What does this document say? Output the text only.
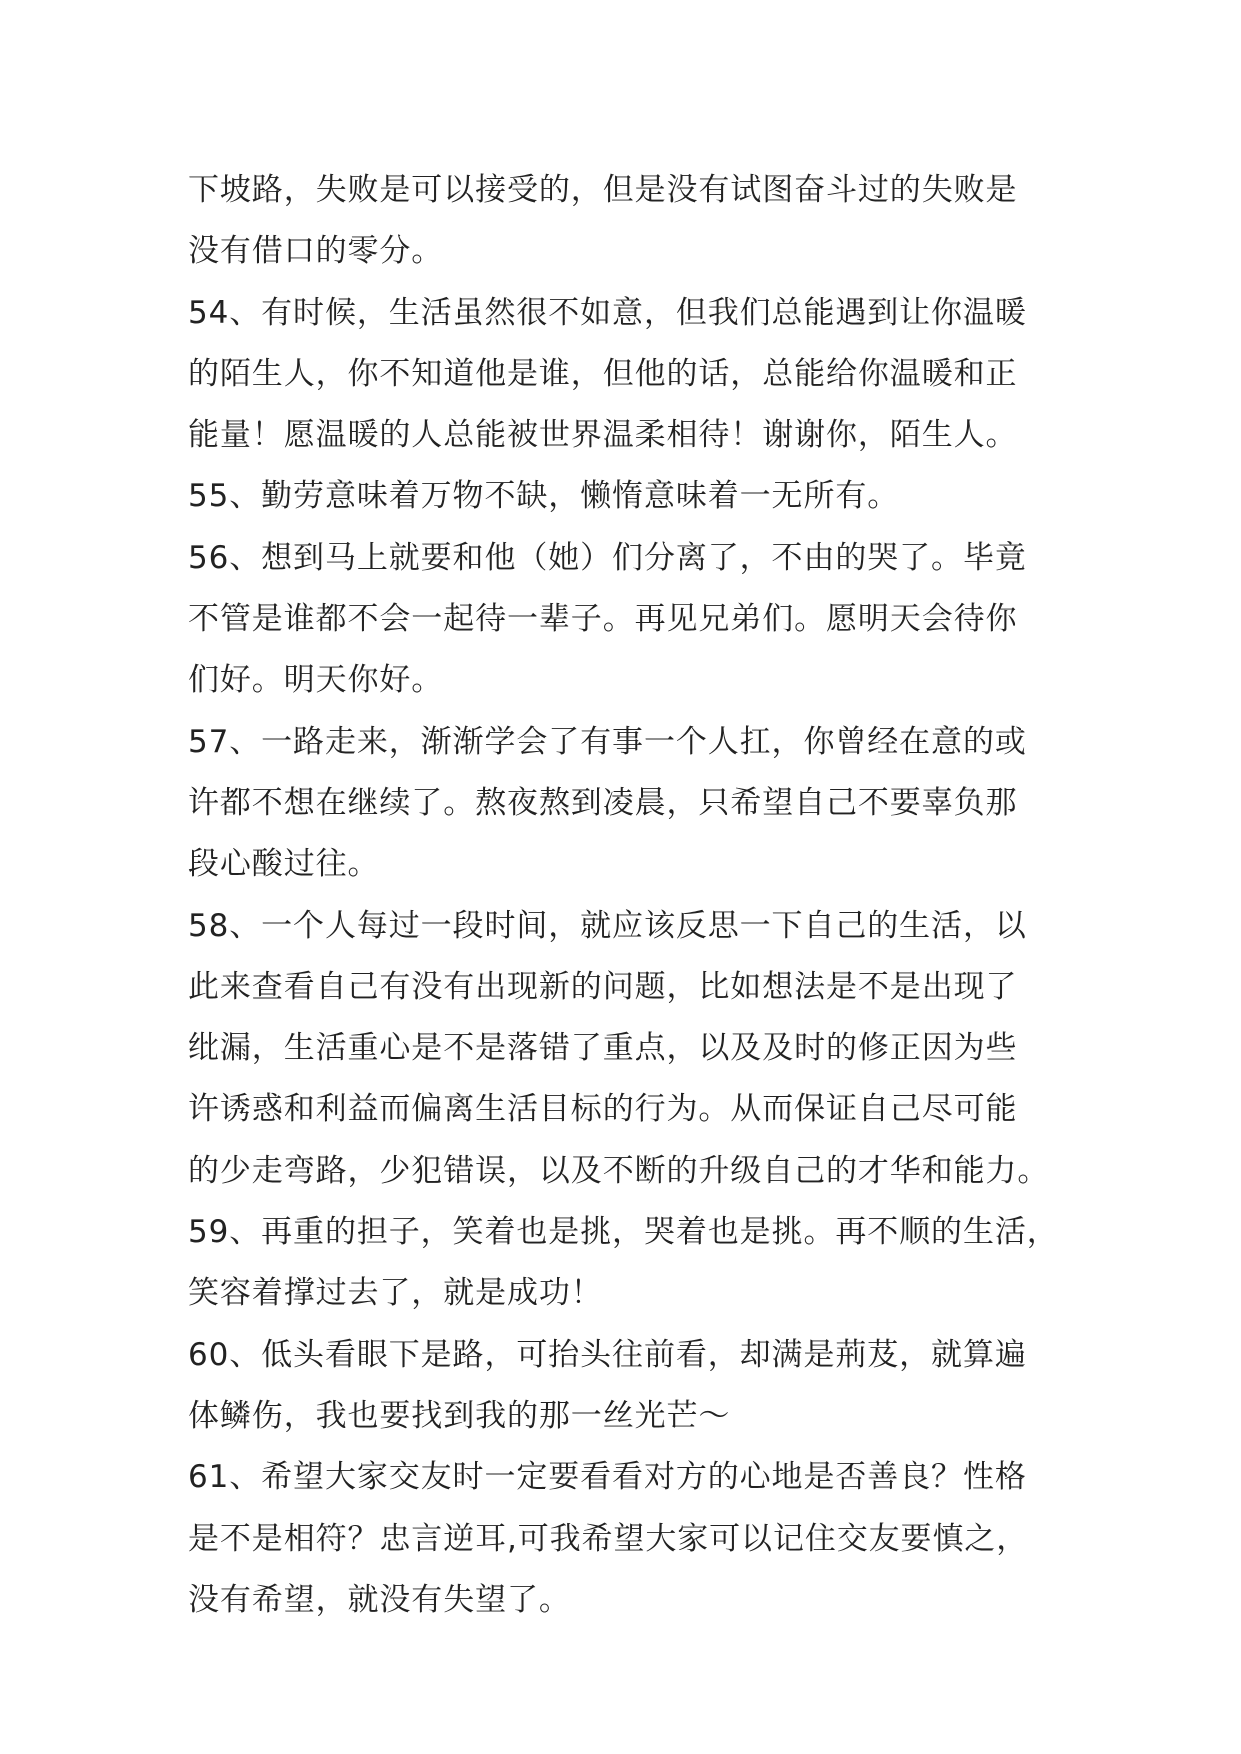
下坡路，失败是可以接受的，但是没有试图奋斗过的失败是
没有借口的零分。
54、有时候，生活虽然很不如意，但我们总能遇到让你温暖
的陌生人，你不知道他是谁，但他的话，总能给你温暖和正
能量！愿温暖的人总能被世界温柔相待！谢谢你，陌生人。
55、勤劳意味着万物不缺，懒惰意味着一无所有。
56、想到马上就要和他（她）们分离了，不由的哭了。毕竟
不管是谁都不会一起待一辈子。再见兄弟们。愿明天会待你
们好。明天你好。
57、一路走来，渐渐学会了有事一个人扛，你曾经在意的或
许都不想在继续了。熬夜熬到凌晨，只希望自己不要辜负那
段心酸过往。
58、一个人每过一段时间，就应该反思一下自己的生活，以
此来查看自己有没有出现新的问题，比如想法是不是出现了
纰漏，生活重心是不是落错了重点，以及及时的修正因为些
许诱惑和利益而偏离生活目标的行为。从而保证自己尽可能
的少走弯路，少犯错误，以及不断的升级自己的才华和能力。
59、再重的担子，笑着也是挑，哭着也是挑。再不顺的生活，
笑容着撑过去了，就是成功！
60、低头看眼下是路，可抬头往前看，却满是荊芨，就算遍
体鳞伤，我也要找到我的那一丝光芒～
61、希望大家交友时一定要看看对方的心地是否善良？性格
是不是相符？忠言逆耳,可我希望大家可以记住交友要慎之，
没有希望，就没有失望了。
